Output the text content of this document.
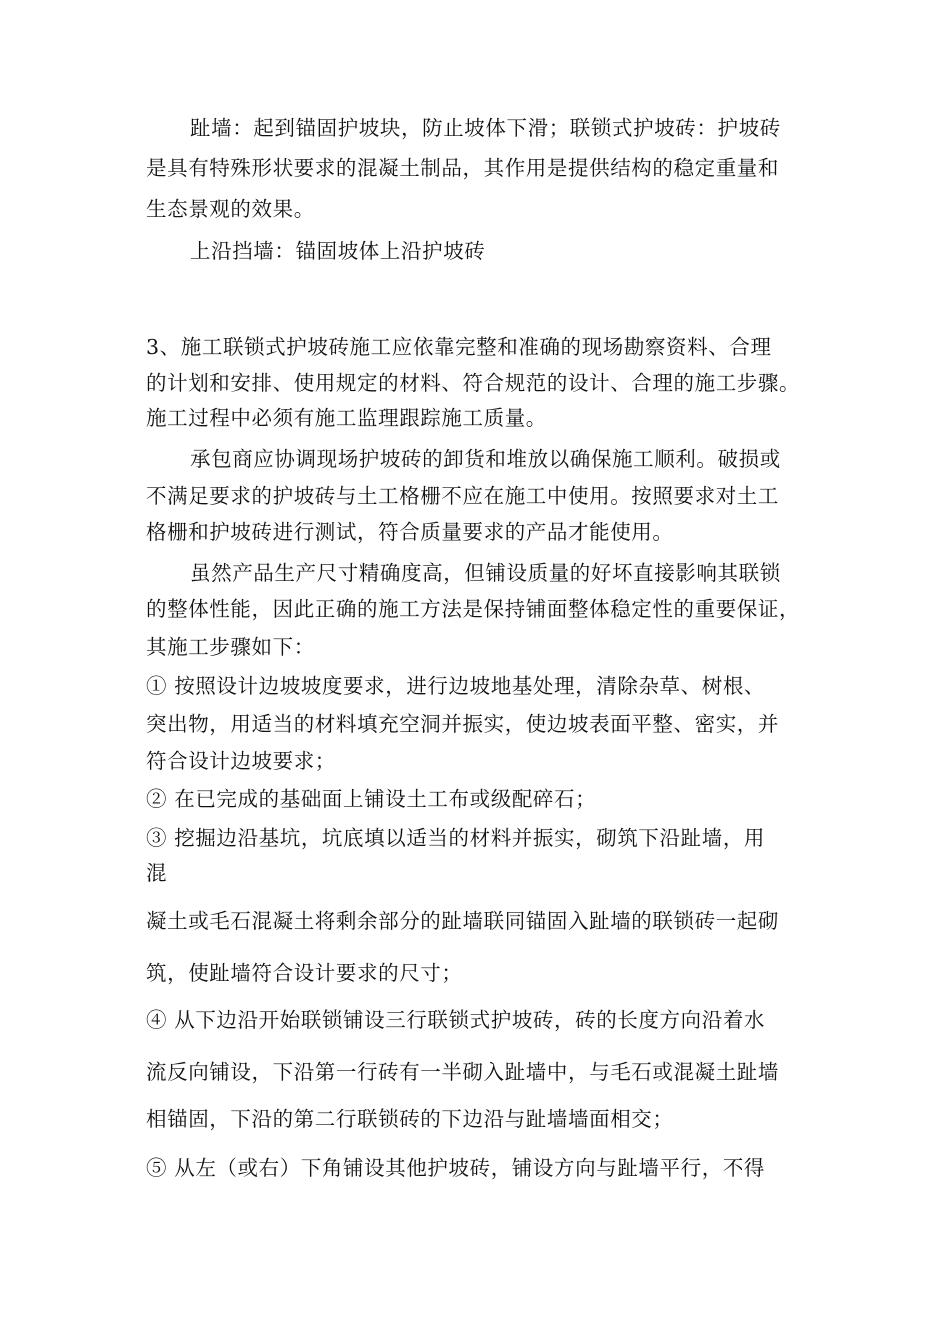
趾墙：起到锚固护坡块，防止坡体下滑；联锁式护坡砖：护坡砖
是具有特殊形状要求的混凝土制品，其作用是提供结构的稳定重量和
生态景观的效果。
上沿挡墙：锚固坡体上沿护坡砖
3、施工联锁式护坡砖施工应依靠完整和准确的现场勘察资料、合理
的计划和安排、使用规定的材料、符合规范的设计、合理的施工步骤。
施工过程中必须有施工监理跟踪施工质量。
承包商应协调现场护坡砖的卸货和堆放以确保施工顺利。破损或
不满足要求的护坡砖与土工格栅不应在施工中使用。按照要求对土工
格栅和护坡砖进行测试，符合质量要求的产品才能使用。
虽然产品生产尺寸精确度高，但铺设质量的好坏直接影响其联锁
的整体性能，因此正确的施工方法是保持铺面整体稳定性的重要保证，
其施工步骤如下：
① 按照设计边坡坡度要求，进行边坡地基处理，清除杂草、树根、
突出物，用适当的材料填充空洞并振实，使边坡表面平整、密实，并
符合设计边坡要求；
② 在已完成的基础面上铺设土工布或级配碎石；
③ 挖掘边沿基坑，坑底填以适当的材料并振实，砌筑下沿趾墙，用
混
凝土或毛石混凝土将剩余部分的趾墙联同锚固入趾墙的联锁砖一起砌
筑，使趾墙符合设计要求的尺寸；
④ 从下边沿开始联锁铺设三行联锁式护坡砖，砖的长度方向沿着水
流反向铺设，下沿第一行砖有一半砌入趾墙中，与毛石或混凝土趾墙
相锚固，下沿的第二行联锁砖的下边沿与趾墙墙面相交；
⑤ 从左（或右）下角铺设其他护坡砖，铺设方向与趾墙平行，不得
